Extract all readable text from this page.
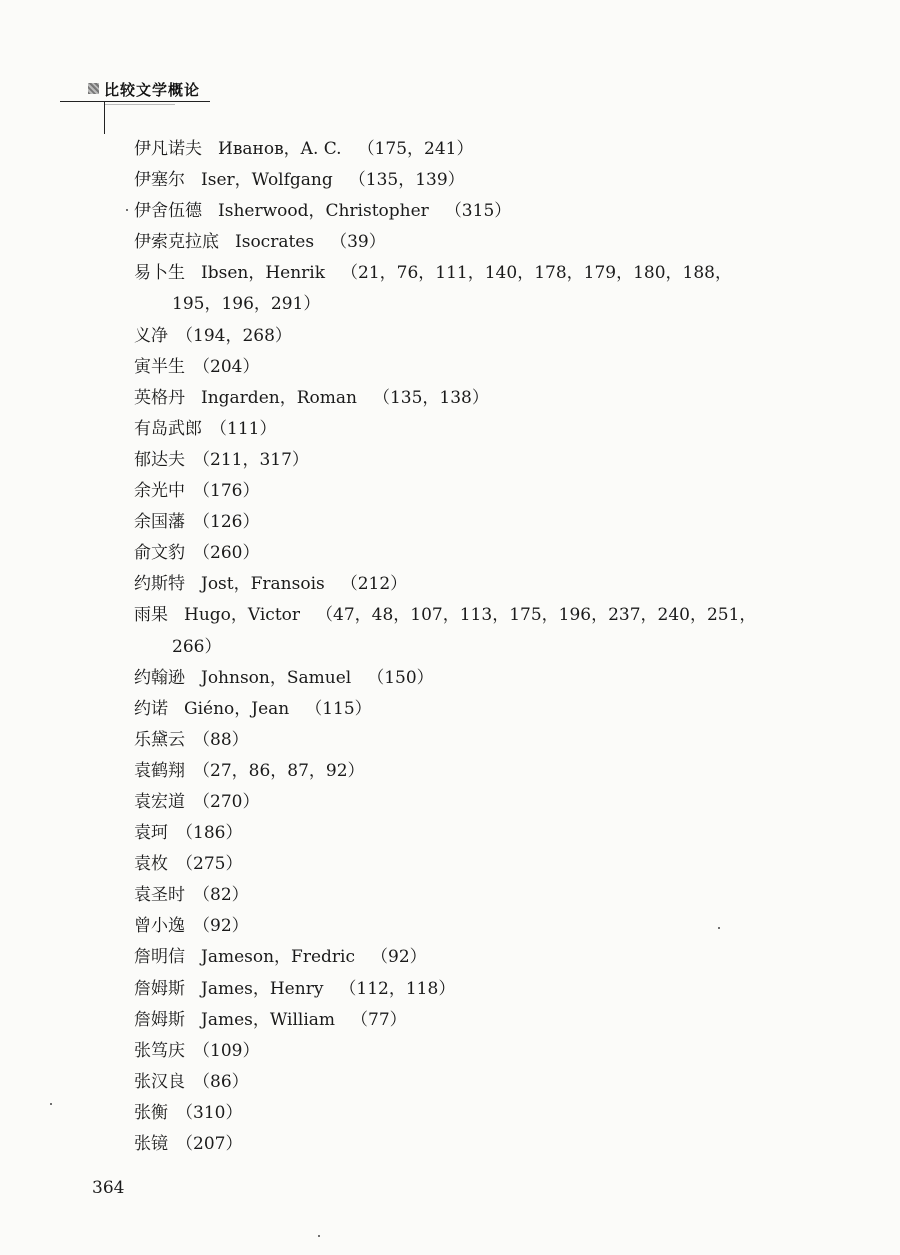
比较文学概论
伊凡诺夫 Иванов，A. C. （175，241）
伊塞尔 Iser，Wolfgang （135，139）
伊舍伍德 Isherwood，Christopher （315）
伊索克拉底 Isocrates （39）
易卜生 Ibsen，Henrik （21，76，111，140，178，179，180，188，
195，196，291）
义净 （194，268）
寅半生 （204）
英格丹 Ingarden，Roman （135，138）
有岛武郎 （111）
郁达夫 （211，317）
余光中 （176）
余国藩 （126）
俞文豹 （260）
约斯特 Jost，Fransois （212）
雨果 Hugo，Victor （47，48，107，113，175，196，237，240，251，
266）
约翰逊 Johnson，Samuel （150）
约诺 Giéno，Jean （115）
乐黛云 （88）
袁鹤翔 （27，86，87，92）
袁宏道 （270）
袁珂 （186）
袁枚 （275）
袁圣时 （82）
曾小逸 （92）
詹明信 Jameson，Fredric （92）
詹姆斯 James，Henry （112，118）
詹姆斯 James，William （77）
张笃庆 （109）
张汉良 （86）
张衡 （310）
张镜 （207）
364
